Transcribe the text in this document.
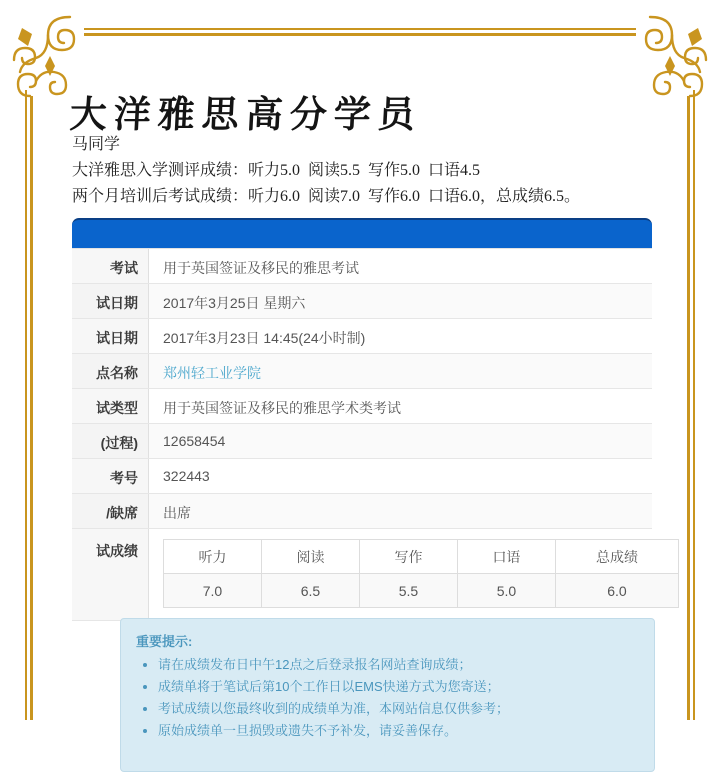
大洋雅思高分学员
马同学
大洋雅思入学测评成绩：听力5.0  阅读5.5  写作5.0  口语4.5
两个月培训后考试成绩：听力6.0  阅读7.0  写作6.0  口语6.0，总成绩6.5。
考试	用于英国签证及移民的雅思考试
试日期	2017年3月25日 星期六
试日期	2017年3月23日 14:45(24小时制)
点名称	郑州轻工业学院
试类型	用于英国签证及移民的雅思学术类考试
(过程)	12658454
考号	322443
/缺席	出席
试成绩	听力	阅读	写作	口语	总成绩
7.0	6.5	5.5	5.0	6.0
重要提示:
• 请在成绩发布日中午12点之后登录报名网站查询成绩；
• 成绩单将于笔试后第10个工作日以EMS快递方式为您寄送；
• 考试成绩以您最终收到的成绩单为准，本网站信息仅供参考；
• 原始成绩单一旦损毁或遗失不予补发，请妥善保存。
